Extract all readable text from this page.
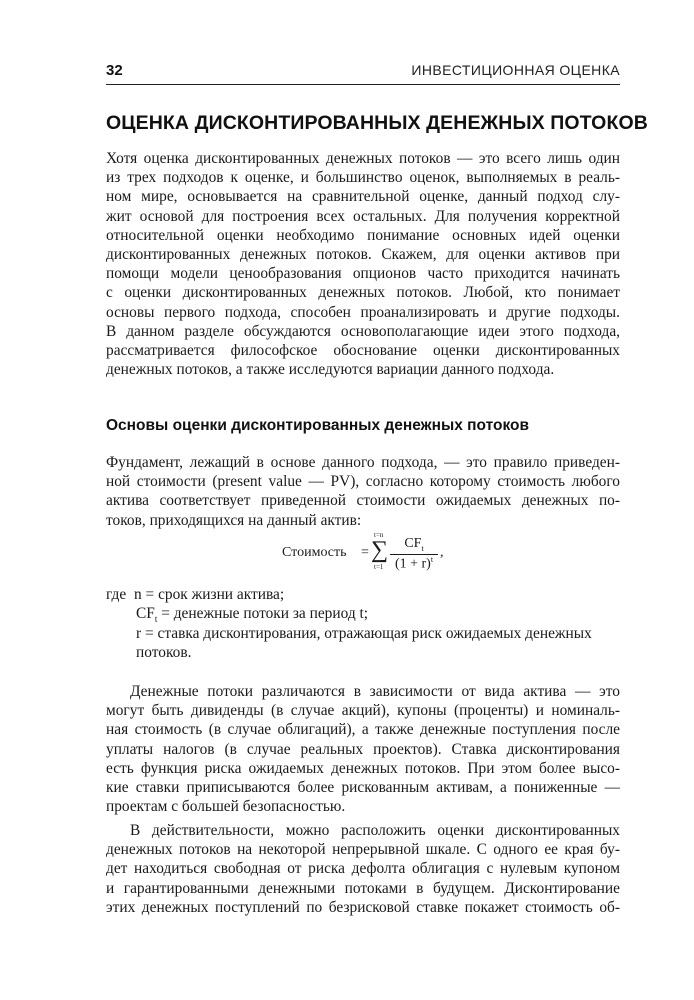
32	ИНВЕСТИЦИОННАЯ ОЦЕНКА
ОЦЕНКА ДИСКОНТИРОВАННЫХ ДЕНЕЖНЫХ ПОТОКОВ
Хотя оценка дисконтированных денежных потоков — это всего лишь один
из трех подходов к оценке, и большинство оценок, выполняемых в реаль-
ном мире, основывается на сравнительной оценке, данный подход слу-
жит основой для построения всех остальных. Для получения корректной
относительной оценки необходимо понимание основных идей оценки
дисконтированных денежных потоков. Скажем, для оценки активов при
помощи модели ценообразования опционов часто приходится начинать
с оценки дисконтированных денежных потоков. Любой, кто понимает
основы первого подхода, способен проанализировать и другие подходы.
В данном разделе обсуждаются основополагающие идеи этого подхода,
рассматривается философское обоснование оценки дисконтированных
денежных потоков, а также исследуются вариации данного подхода.
Основы оценки дисконтированных денежных потоков
Фундамент, лежащий в основе данного подхода, — это правило приведен-
ной стоимости (present value — PV), согласно которому стоимость любого
актива соответствует приведенной стоимости ожидаемых денежных по-
токов, приходящихся на данный актив:
Стоимость = ∑
t=n
t=1
$CF_t$
$(1 + r)^t$ ,
где n = срок жизни актива;
$CF_t$ = денежные потоки за период t;
r = ставка дисконтирования, отражающая риск ожидаемых денежных
потоков.
Денежные потоки различаются в зависимости от вида актива — это
могут быть дивиденды (в случае акций), купоны (проценты) и номиналь-
ная стоимость (в случае облигаций), а также денежные поступления после
уплаты налогов (в случае реальных проектов). Ставка дисконтирования
есть функция риска ожидаемых денежных потоков. При этом более высо-
кие ставки приписываются более рискованным активам, а пониженные —
проектам с большей безопасностью.
В действительности, можно расположить оценки дисконтированных
денежных потоков на некоторой непрерывной шкале. С одного ее края бу-
дет находиться свободная от риска дефолта облигация с нулевым купоном
и гарантированными денежными потоками в будущем. Дисконтирование
этих денежных поступлений по безрисковой ставке покажет стоимость об-
